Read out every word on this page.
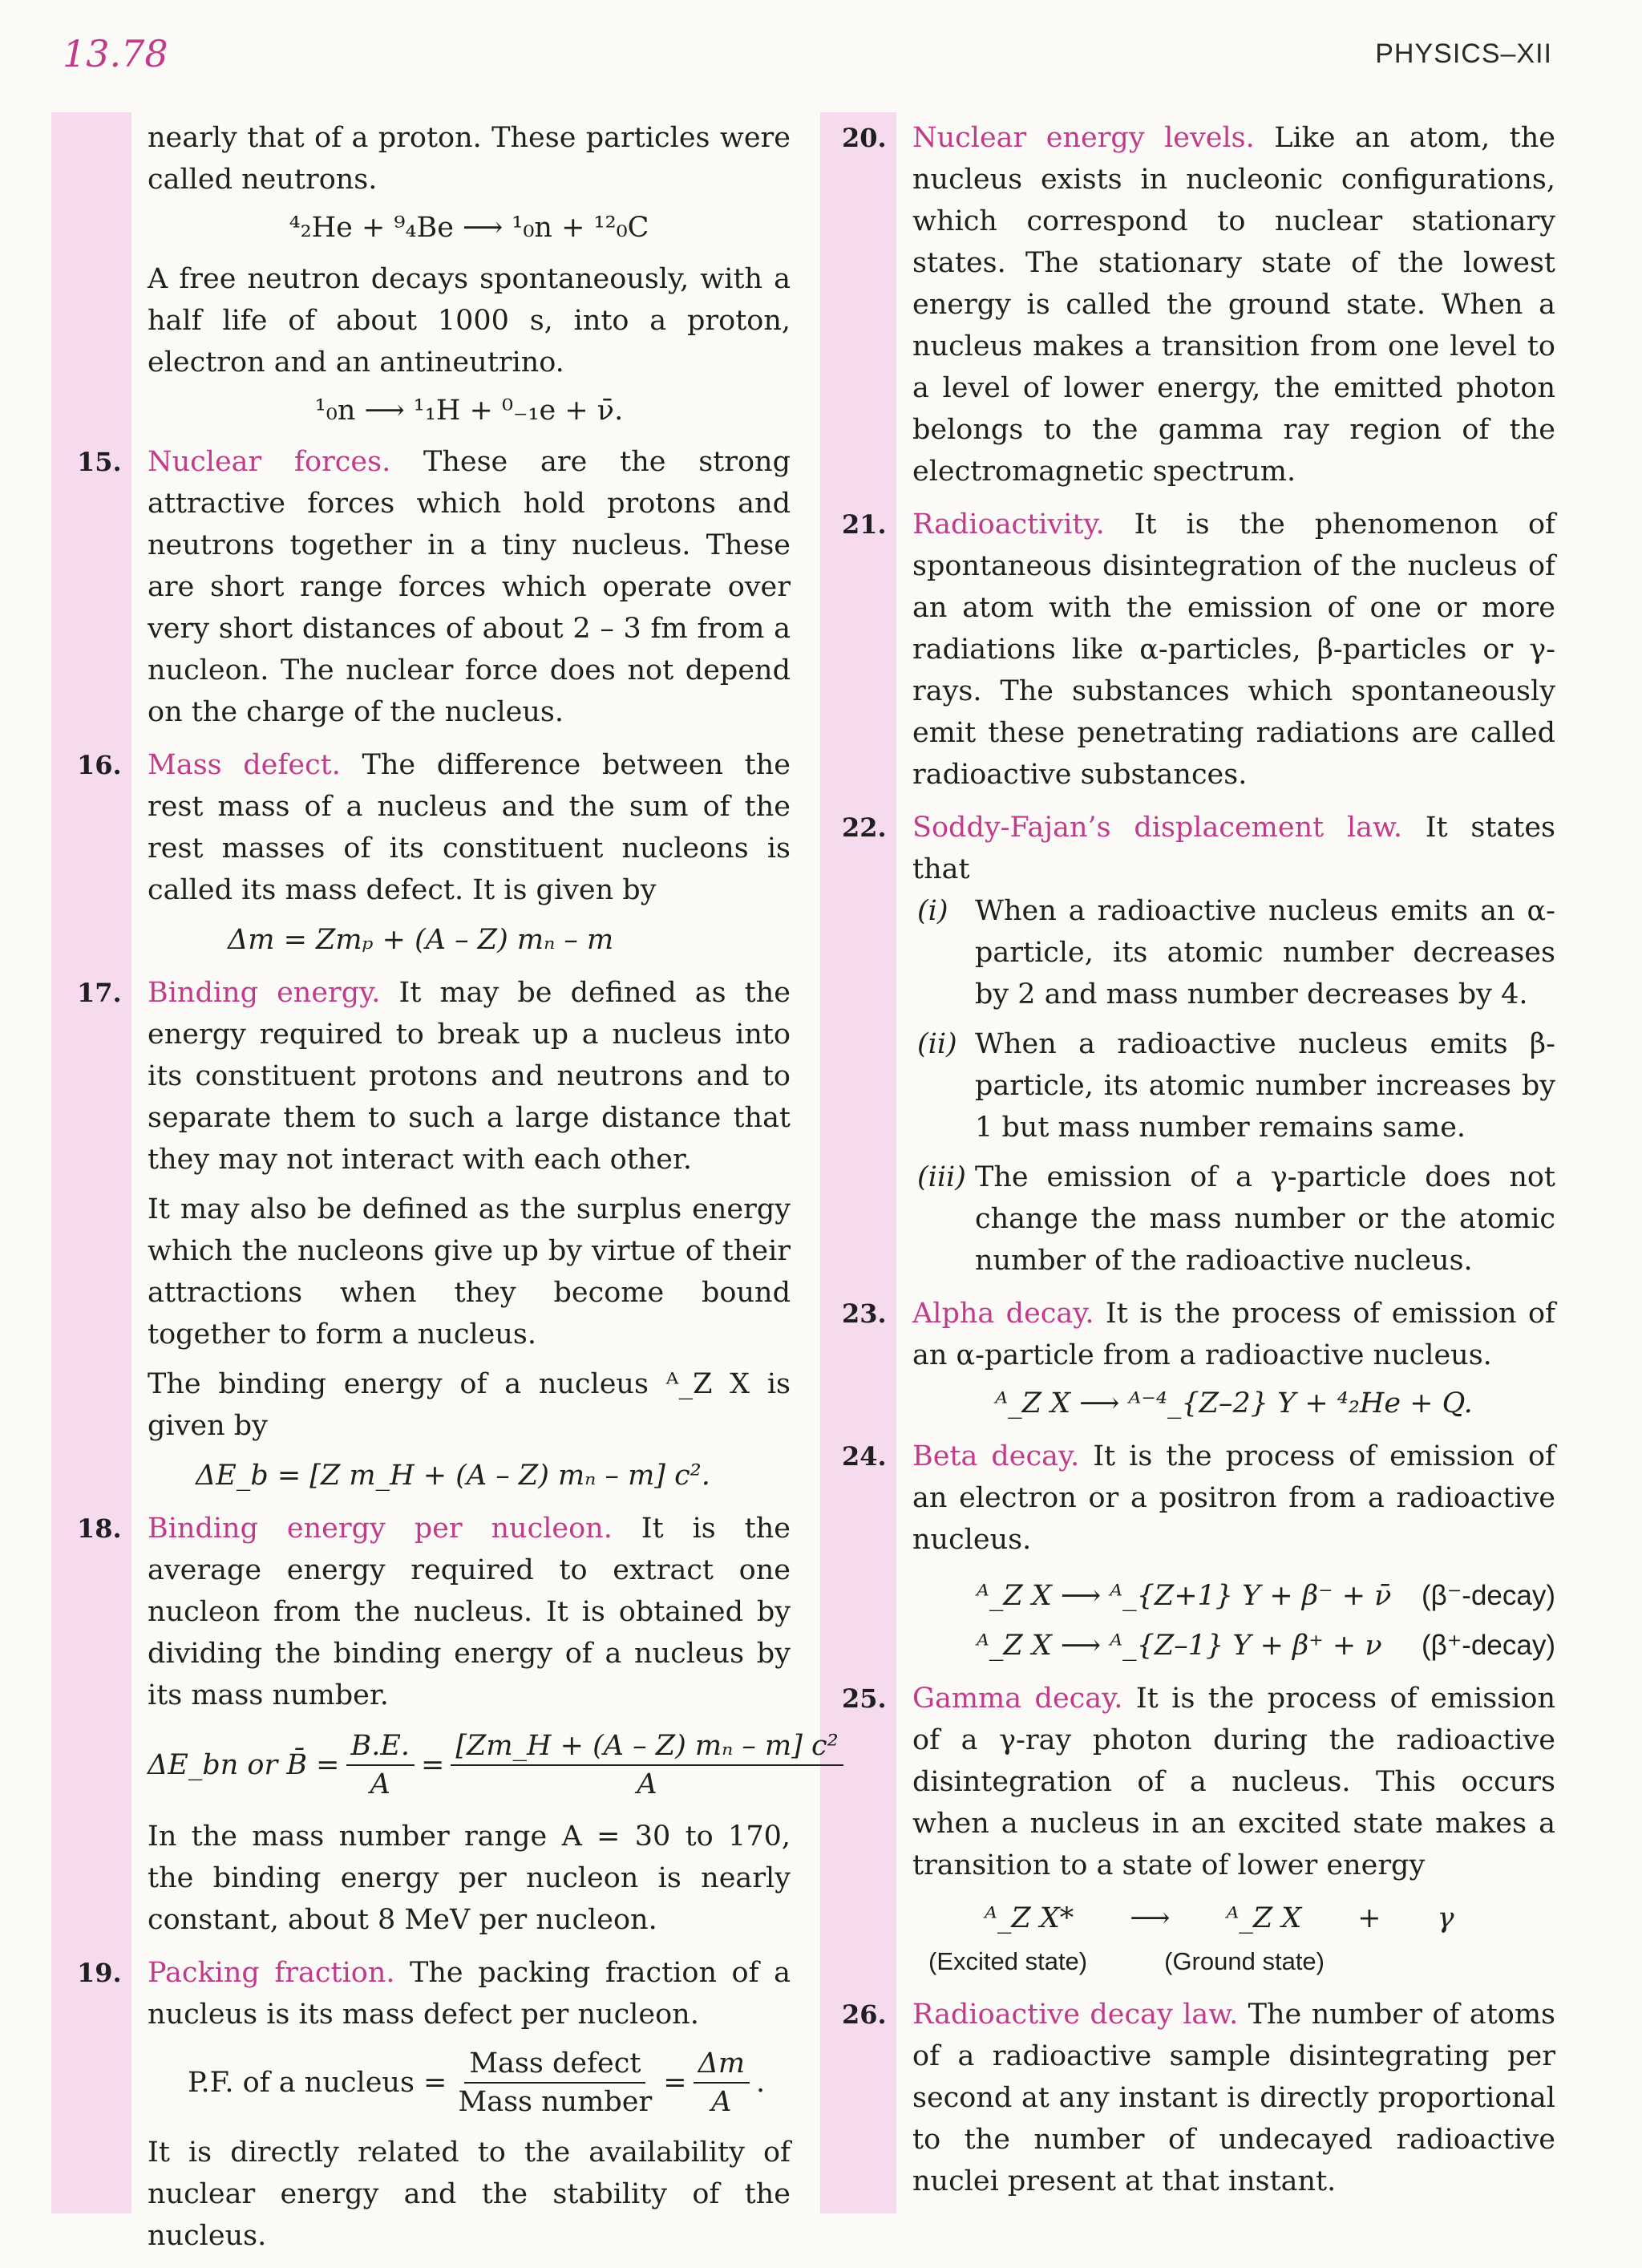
13.78	PHYSICS–XII

nearly that of a proton. These particles were called neutrons.

⁴₂He + ⁹₄Be ⟶ ¹₀n + ¹²₀C

A free neutron decays spontaneously, with a half life of about 1000 s, into a proton, electron and an antineutrino.

¹₀n ⟶ ¹₁H + ⁰₋₁e + ν̄.
15. Nuclear forces. These are the strong attractive forces which hold protons and neutrons together in a tiny nucleus. These are short range forces which operate over very short distances of about 2 – 3 fm from a nucleon. The nuclear force does not depend on the charge of the nucleus.

16. Mass defect. The difference between the rest mass of a nucleus and the sum of the rest masses of its constituent nucleons is called its mass defect. It is given by

Δm = Zmₚ + (A – Z) mₙ – m
17. Binding energy. It may be defined as the energy required to break up a nucleus into its constituent protons and neutrons and to separate them to such a large distance that they may not interact with each other.

It may also be defined as the surplus energy which the nucleons give up by virtue of their attractions when they become bound together to form a nucleus.

The binding energy of a nucleus ᴬ_Z X is given by

ΔE_b = [Z m_H + (A – Z) mₙ – m] c².
18. Binding energy per nucleon. It is the average energy required to extract one nucleon from the nucleus. It is obtained by dividing the binding energy of a nucleus by its mass number.

ΔE_bn or B̄ = $\frac{B.E.}{A} = \frac{\text{[Zm\_H + (A – Z) mₙ – m] c²}}{A}$

In the mass number range A = 30 to 170, the binding energy per nucleon is nearly constant, about 8 MeV per nucleon.

19. Packing fraction. The packing fraction of a nucleus is its mass defect per nucleon.

P.F. of a nucleus = $\frac{\text{Mass defect}}{\text{Mass number}} = \frac{\Delta m}{A}$ .

It is directly related to the availability of nuclear energy and the stability of the nucleus.

20. Nuclear energy levels. Like an atom, the nucleus exists in nucleonic configurations, which correspond to nuclear stationary states. The stationary state of the lowest energy is called the ground state. When a nucleus makes a transition from one level to a level of lower energy, the emitted photon belongs to the gamma ray region of the electromagnetic spectrum.

21. Radioactivity. It is the phenomenon of spontaneous disintegration of the nucleus of an atom with the emission of one or more radiations like α-particles, β-particles or γ-rays. The substances which spontaneously emit these penetrating radiations are called radioactive substances.

22. Soddy-Fajan’s displacement law. It states that

(i) When a radioactive nucleus emits an α-particle, its atomic number decreases by 2 and mass number decreases by 4.

(ii) When a radioactive nucleus emits β-particle, its atomic number increases by 1 but mass number remains same.

(iii) The emission of a γ-particle does not change the mass number or the atomic number of the radioactive nucleus.

23. Alpha decay. It is the process of emission of an α-particle from a radioactive nucleus.

ᴬ_Z X ⟶ ᴬ⁻⁴_{Z–2} Y + ⁴₂He + Q.
24. Beta decay. It is the process of emission of an electron or a positron from a radioactive nucleus.

ᴬ_Z X ⟶ ᴬ_{Z+1} Y + β⁻ + ν̄ (β⁻-decay)
ᴬ_Z X ⟶ ᴬ_{Z–1} Y + β⁺ + ν (β⁺-decay)
25. Gamma decay. It is the process of emission of a γ-ray photon during the radioactive disintegration of a nucleus. This occurs when a nucleus in an excited state makes a transition to a state of lower energy

ᴬ_Z X* ⟶ ᴬ_Z X + γ
(Excited state)	(Ground state)
26. Radioactive decay law. The number of atoms of a radioactive sample disintegrating per second at any instant is directly proportional to the number of undecayed radioactive nuclei present at that instant.
